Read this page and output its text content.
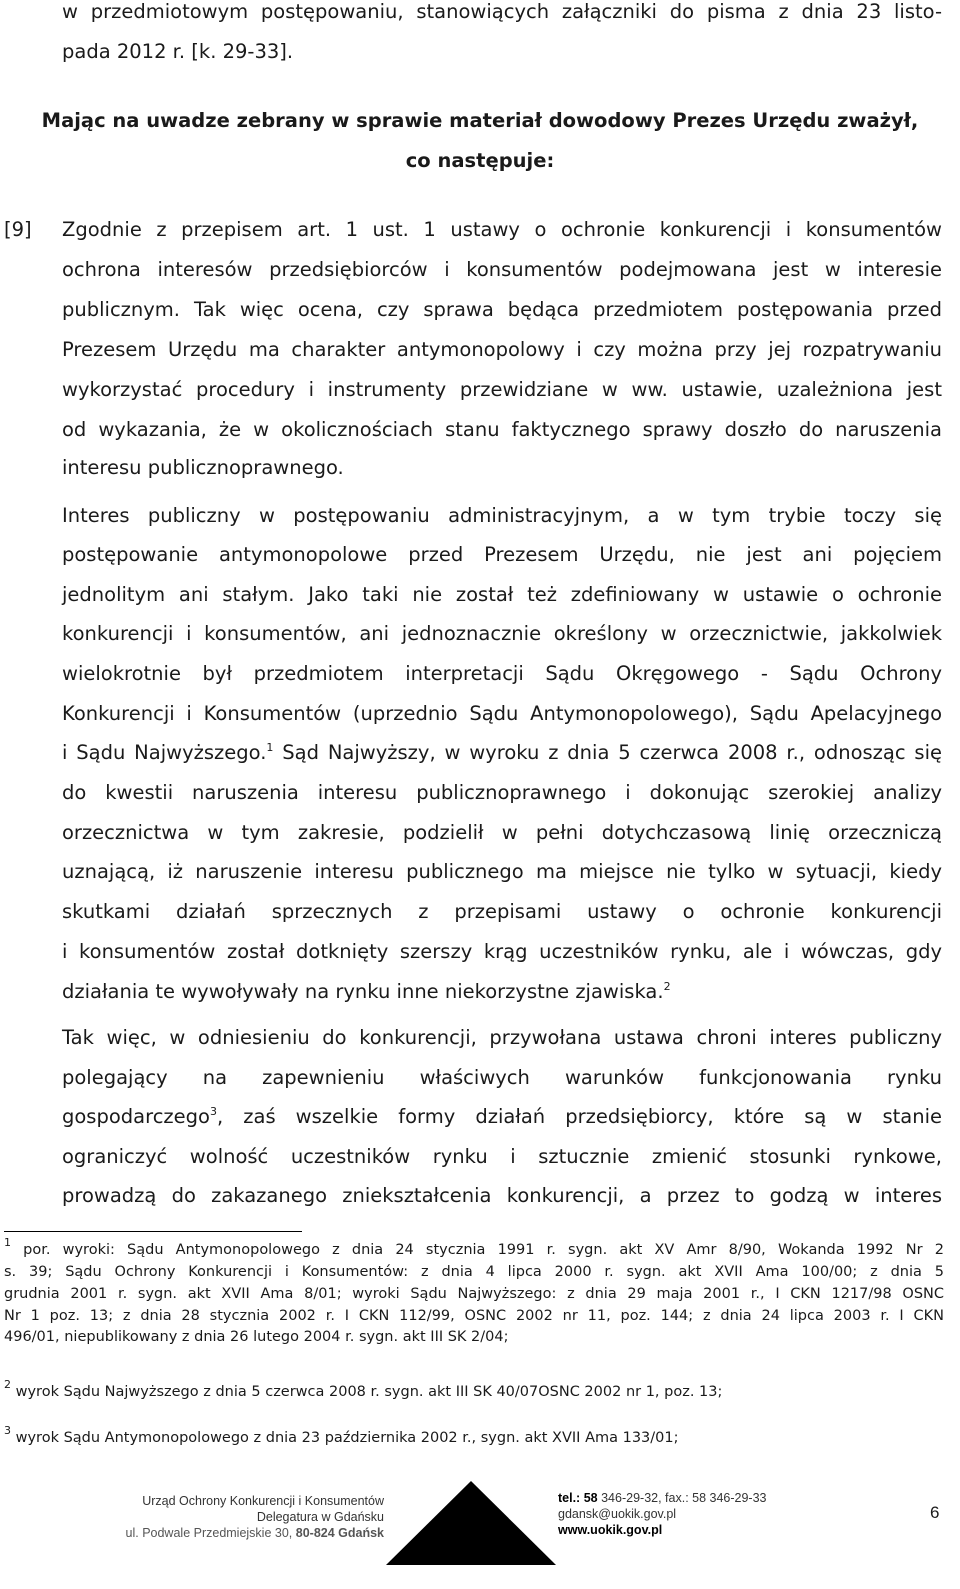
w przedmiotowym postępowaniu, stanowiących załączniki do pisma z dnia 23 listo-
pada 2012 r. [k. 29-33].
Mając na uwadze zebrany w sprawie materiał dowodowy Prezes Urzędu zważył,
co następuje:
[9] Zgodnie z przepisem art. 1 ust. 1 ustawy o ochronie konkurencji i konsumentów
ochrona interesów przedsiębiorców i konsumentów podejmowana jest w interesie
publicznym. Tak więc ocena, czy sprawa będąca przedmiotem postępowania przed
Prezesem Urzędu ma charakter antymonopolowy i czy można przy jej rozpatrywaniu
wykorzystać procedury i instrumenty przewidziane w ww. ustawie, uzależniona jest
od wykazania, że w okolicznościach stanu faktycznego sprawy doszło do naruszenia
interesu publicznoprawnego.
Interes publiczny w postępowaniu administracyjnym, a w tym trybie toczy się
postępowanie antymonopolowe przed Prezesem Urzędu, nie jest ani pojęciem
jednolitym ani stałym. Jako taki nie został też zdefiniowany w ustawie o ochronie
konkurencji i konsumentów, ani jednoznacznie określony w orzecznictwie, jakkolwiek
wielokrotnie był przedmiotem interpretacji Sądu Okręgowego - Sądu Ochrony
Konkurencji i Konsumentów (uprzednio Sądu Antymonopolowego), Sądu Apelacyjnego
i Sądu Najwyższego.$^1$ Sąd Najwyższy, w wyroku z dnia 5 czerwca 2008 r., odnosząc się
do kwestii naruszenia interesu publicznoprawnego i dokonując szerokiej analizy
orzecznictwa w tym zakresie, podzielił w pełni dotychczasową linię orzeczniczą
uznającą, iż naruszenie interesu publicznego ma miejsce nie tylko w sytuacji, kiedy
skutkami działań sprzecznych z przepisami ustawy o ochronie konkurencji
i konsumentów został dotknięty szerszy krąg uczestników rynku, ale i wówczas, gdy
działania te wywoływały na rynku inne niekorzystne zjawiska.$^2$
Tak więc, w odniesieniu do konkurencji, przywołana ustawa chroni interes publiczny
polegający na zapewnieniu właściwych warunków funkcjonowania rynku
gospodarczego$^3$, zaś wszelkie formy działań przedsiębiorcy, które są w stanie
ograniczyć wolność uczestników rynku i sztucznie zmienić stosunki rynkowe,
prowadzą do zakazanego zniekształcenia konkurencji, a przez to godzą w interes
$^1$ por. wyroki: Sądu Antymonopolowego z dnia 24 stycznia 1991 r. sygn. akt XV Amr 8/90, Wokanda 1992 Nr 2
s. 39; Sądu Ochrony Konkurencji i Konsumentów: z dnia 4 lipca 2000 r. sygn. akt XVII Ama 100/00; z dnia 5
grudnia 2001 r. sygn. akt XVII Ama 8/01; wyroki Sądu Najwyższego: z dnia 29 maja 2001 r., I CKN 1217/98 OSNC
Nr 1 poz. 13; z dnia 28 stycznia 2002 r. I CKN 112/99, OSNC 2002 nr 11, poz. 144; z dnia 24 lipca 2003 r. I CKN
496/01, niepublikowany z dnia 26 lutego 2004 r. sygn. akt III SK 2/04;
$^2$ wyrok Sądu Najwyższego z dnia 5 czerwca 2008 r. sygn. akt III SK 40/07OSNC 2002 nr 1, poz. 13;
$^3$ wyrok Sądu Antymonopolowego z dnia 23 października 2002 r., sygn. akt XVII Ama 133/01;
Urząd Ochrony Konkurencji i Konsumentów
Delegatura w Gdańsku
ul. Podwale Przedmiejskie 30, 80-824 Gdańsk
tel.: 58 346-29-32, fax.: 58 346-29-33
gdansk@uokik.gov.pl
www.uokik.gov.pl
6
